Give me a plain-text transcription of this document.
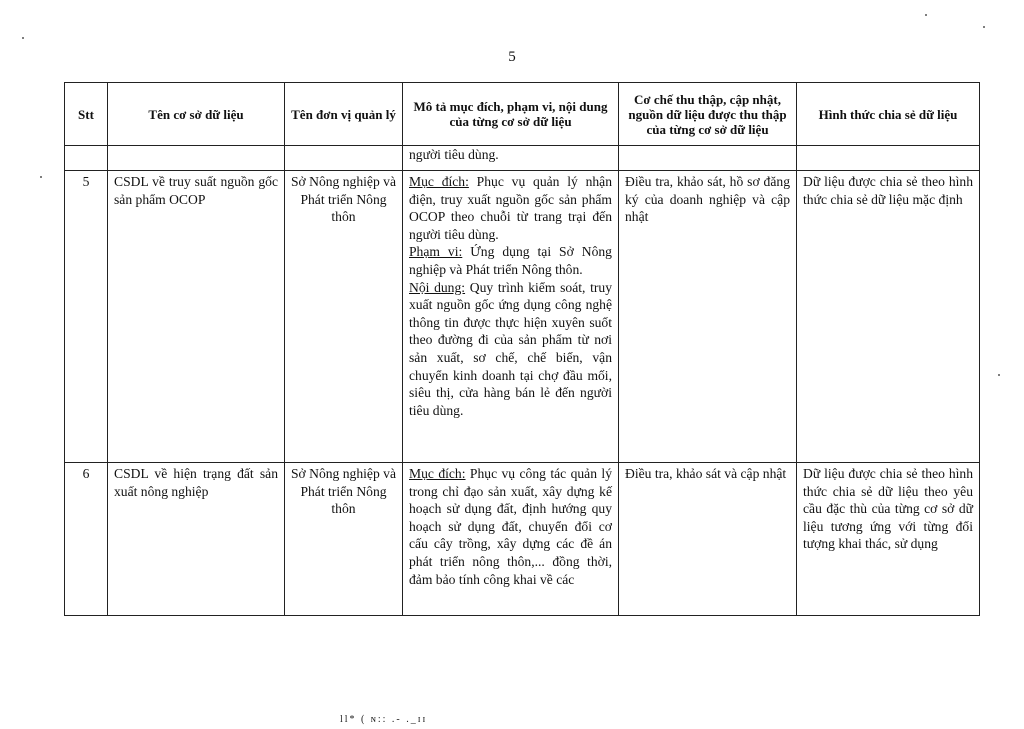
5
Stt	Tên cơ sở dữ liệu	Tên đơn vị quản lý	Mô tả mục đích, phạm vi, nội dung của từng cơ sở dữ liệu	Cơ chế thu thập, cập nhật, nguồn dữ liệu được thu thập của từng cơ sở dữ liệu	Hình thức chia sẻ dữ liệu
			người tiêu dùng.		
5	CSDL về truy suất nguồn gốc sản phẩm OCOP	Sở Nông nghiệp và Phát triển Nông thôn	Mục đích: Phục vụ quản lý nhận điện, truy xuất nguồn gốc sản phẩm OCOP theo chuỗi từ trang trại đến người tiêu dùng.
Phạm vi: Ứng dụng tại Sở Nông nghiệp và Phát triển Nông thôn.
Nội dung: Quy trình kiểm soát, truy xuất nguồn gốc ứng dụng công nghệ thông tin được thực hiện xuyên suốt theo đường đi của sản phẩm từ nơi sản xuất, sơ chế, chế biến, vận chuyển kinh doanh tại chợ đầu mối, siêu thị, cửa hàng bán lẻ đến người tiêu dùng.	Điều tra, khảo sát, hồ sơ đăng ký của doanh nghiệp và cập nhật	Dữ liệu được chia sẻ theo hình thức chia sẻ dữ liệu mặc định
6	CSDL về hiện trạng đất sản xuất nông nghiệp	Sở Nông nghiệp và Phát triển Nông thôn	Mục đích: Phục vụ công tác quản lý trong chỉ đạo sản xuất, xây dựng kế hoạch sử dụng đất, định hướng quy hoạch sử dụng đất, chuyển đổi cơ cấu cây trồng, xây dựng các đề án phát triển nông thôn,... đồng thời, đảm bảo tính công khai về các	Điều tra, khảo sát và cập nhật	Dữ liệu được chia sẻ theo hình thức chia sẻ dữ liệu theo yêu cầu đặc thù của từng cơ sở dữ liệu tương ứng với từng đối tượng khai thác, sử dụng
ll* ( ɴ:: .- ._ɪɪ
